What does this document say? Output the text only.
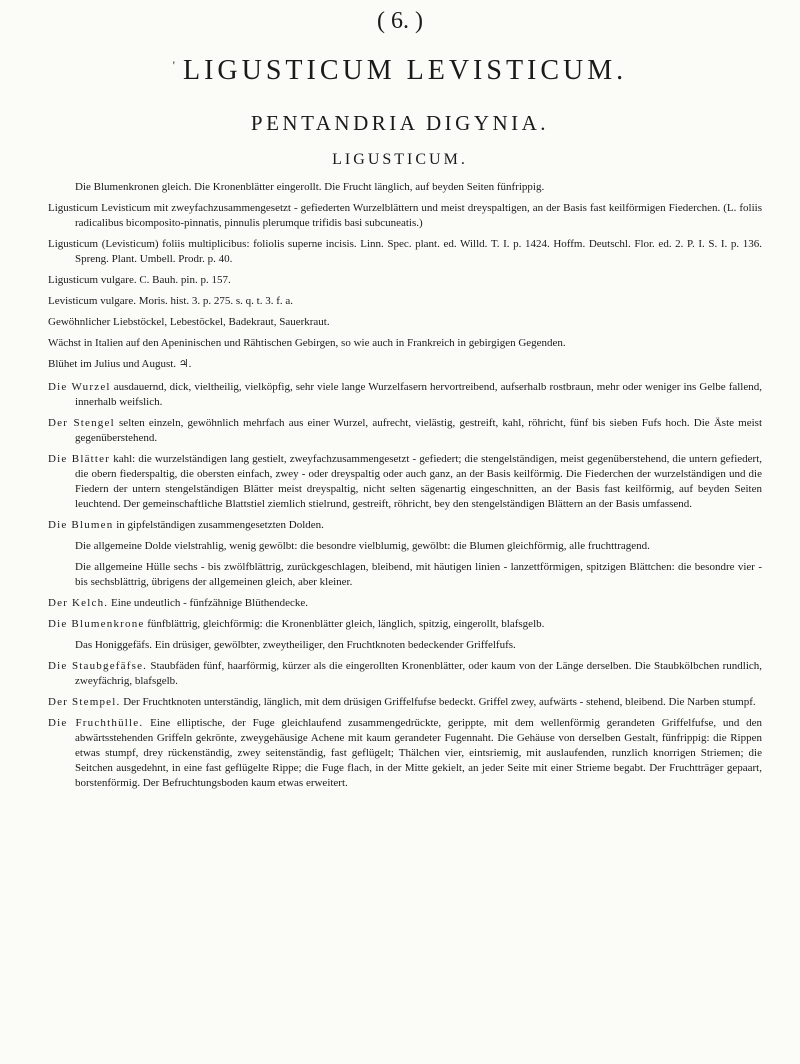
( 6. )
' LIGUSTICUM LEVISTICUM.
PENTANDRIA DIGYNIA.
LIGUSTICUM.

Die Blumenkronen gleich. Die Kronenblätter eingerollt. Die Frucht länglich, auf beyden Seiten fünfrippig.

Ligusticum Levisticum mit zweyfachzusammengesetzt - gefiederten Wurzelblättern und meist dreyspaltigen, an der Basis fast keilförmigen Fiederchen. (L. foliis radicalibus bicomposito-pinnatis, pinnulis plerumque trifidis basi subcuneatis.)

Ligusticum (Levisticum) foliis multiplicibus: foliolis superne incisis. Linn. Spec. plant. ed. Willd. T. I. p. 1424. Hoffm. Deutschl. Flor. ed. 2. P. I. S. I. p. 136. Spreng. Plant. Umbell. Prodr. p. 40.

Ligusticum vulgare. C. Bauh. pin. p. 157.

Levisticum vulgare. Moris. hist. 3. p. 275. s. q. t. 3. f. a.

Gewöhnlicher Liebstöckel, Lebestöckel, Badekraut, Sauerkraut.

Wächst in Italien auf den Apeninischen und Rähtischen Gebirgen, so wie auch in Frankreich in gebirgigen Gegenden.

Blühet im Julius und August. ♃.

Die Wurzel ausdauernd, dick, vieltheilig, vielköpfig, sehr viele lange Wurzelfasern hervortreibend, aufserhalb rostbraun, mehr oder weniger ins Gelbe fallend, innerhalb weifslich.

Der Stengel selten einzeln, gewöhnlich mehrfach aus einer Wurzel, aufrecht, vielästig, gestreift, kahl, röhricht, fünf bis sieben Fufs hoch. Die Äste meist gegenüberstehend.

Die Blätter kahl: die wurzelständigen lang gestielt, zweyfachzusammengesetzt - gefiedert; die stengelständigen, meist gegenüberstehend, die untern gefiedert, die obern fiederspaltig, die obersten einfach, zwey - oder dreyspaltig oder auch ganz, an der Basis keilförmig. Die Fiederchen der wurzelständigen und die Fiedern der untern stengelständigen Blätter meist dreyspaltig, nicht selten sägenartig eingeschnitten, an der Basis fast keilförmig, auf beyden Seiten leuchtend. Der gemeinschaftliche Blattstiel ziemlich stielrund, gestreift, röhricht, bey den stengelständigen Blättern an der Basis umfassend.

Die Blumen in gipfelständigen zusammengesetzten Dolden.

Die allgemeine Dolde vielstrahlig, wenig gewölbt: die besondre vielblumig, gewölbt: die Blumen gleichförmig, alle fruchttragend.

Die allgemeine Hülle sechs - bis zwölfblättrig, zurückgeschlagen, bleibend, mit häutigen linien - lanzettförmigen, spitzigen Blättchen: die besondre vier - bis sechsblättrig, übrigens der allgemeinen gleich, aber kleiner.

Der Kelch. Eine undeutlich - fünfzähnige Blüthendecke.

Die Blumenkrone fünfblättrig, gleichförmig: die Kronenblätter gleich, länglich, spitzig, eingerollt, blafsgelb.

Das Honiggefäfs. Ein drüsiger, gewölbter, zweytheiliger, den Fruchtknoten bedeckender Griffelfufs.

Die Staubgefäfse. Staubfäden fünf, haarförmig, kürzer als die eingerollten Kronenblätter, oder kaum von der Länge derselben. Die Staubkölbchen rundlich, zweyfächrig, blafsgelb.

Der Stempel. Der Fruchtknoten unterständig, länglich, mit dem drüsigen Griffelfufse bedeckt. Griffel zwey, aufwärts - stehend, bleibend. Die Narben stumpf.

Die Fruchthülle. Eine elliptische, der Fuge gleichlaufend zusammengedrückte, gerippte, mit dem wellenförmig gerandeten Griffelfufse, und den abwärtsstehenden Griffeln gekrönte, zweygehäusige Achene mit kaum gerandeter Fugennaht. Die Gehäuse von derselben Gestalt, fünfrippig: die Rippen etwas stumpf, drey rückenständig, zwey seitenständig, fast geflügelt; Thälchen vier, eintsriemig, mit auslaufenden, runzlich knorrigen Striemen; die Seitchen ausgedehnt, in eine fast geflügelte Rippe; die Fuge flach, in der Mitte gekielt, an jeder Seite mit einer Strieme begabt. Der Fruchtträger gepaart, borstenförmig. Der Befruchtungsboden kaum etwas erweitert.
